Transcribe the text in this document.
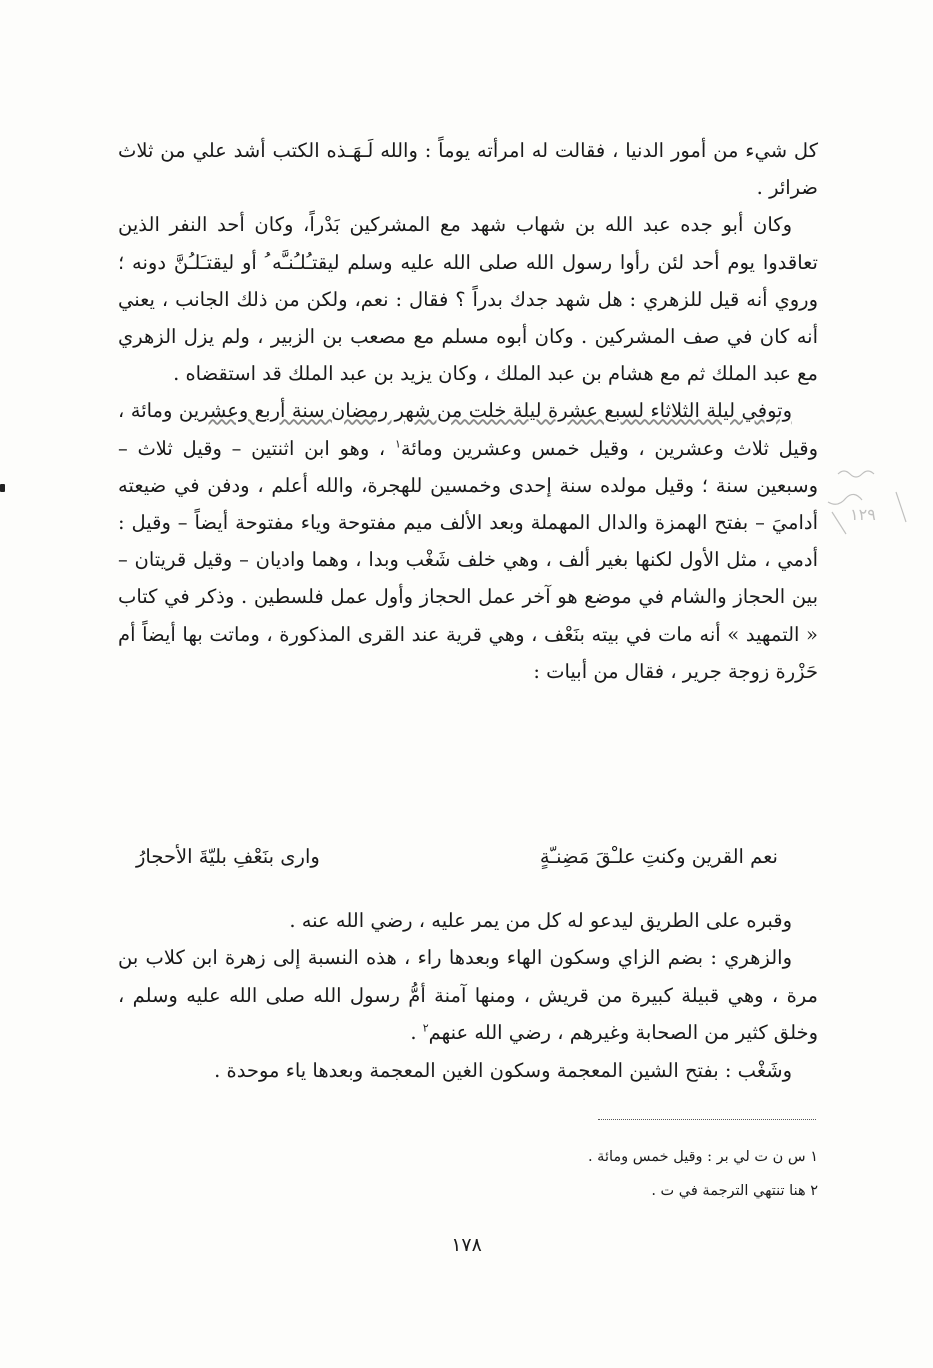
كل شيء من أمور الدنيا ، فقالت له امرأته يوماً : والله لَـهَـذه الكتب أشد علي من ثلاث ضرائر .

وكان أبو جده عبد الله بن شهاب شهد مع المشركين بَدْراً، وكان أحد النفر الذين تعاقدوا يوم أحد لئن رأوا رسول الله صلى الله عليه وسلم ليقتـُلـُنـَّه ُ أو ليقتـَلـُنَّ دونه ؛ وروي أنه قيل للزهري : هل شهد جدك بدراً ؟ فقال : نعم، ولكن من ذلك الجانب ، يعني أنه كان في صف المشركين . وكان أبوه مسلم مع مصعب بن الزبير ، ولم يزل الزهري مع عبد الملك ثم مع هشام بن عبد الملك ، وكان يزيد بن عبد الملك قد استقضاه .

وتوفي ليلة الثلاثاء لسبع عشرة ليلة خلت من شهر رمضان سنة أربع وعشرين ومائة ، وقيل ثلاث وعشرين ، وقيل خمس وعشرين ومائة$^١$ ، وهو ابن اثنتين – وقيل ثلاث – وسبعين سنة ؛ وقيل مولده سنة إحدى وخمسين للهجرة، والله أعلم ، ودفن في ضيعته أداميَ – بفتح الهمزة والدال المهملة وبعد الألف ميم مفتوحة وياء مفتوحة أيضاً – وقيل : أدمي ، مثل الأول لكنها بغير ألف ، وهي خلف شَغْب وبدا ، وهما واديان – وقيل قريتان – بين الحجاز والشام في موضع هو آخر عمل الحجاز وأول عمل فلسطين . وذكر في كتاب « التمهيد » أنه مات في بيته بنَعْف ، وهي قرية عند القرى المذكورة ، وماتت بها أيضاً أم حَزْرة زوجة جرير ، فقال من أبيات :

نعم القرين وكنتِ علـْقَ مَضِنـّةٍ
وارى بنَعْفِ بليّةَ الأحجارُ

وقبره على الطريق ليدعو له كل من يمر عليه ، رضي الله عنه .

والزهري : بضم الزاي وسكون الهاء وبعدها راء ، هذه النسبة إلى زهرة ابن كلاب بن مرة ، وهي قبيلة كبيرة من قريش ، ومنها آمنة أمُّ رسول الله صلى الله عليه وسلم ، وخلق كثير من الصحابة وغيرهم ، رضي الله عنهم$^٢$ .

وشَغْب : بفتح الشين المعجمة وسكون الغين المعجمة وبعدها ياء موحدة .

١ س ن ت لي بر : وقيل خمس ومائة .
٢ هنا تنتهي الترجمة في ت .
١٧٨
١٢٩
